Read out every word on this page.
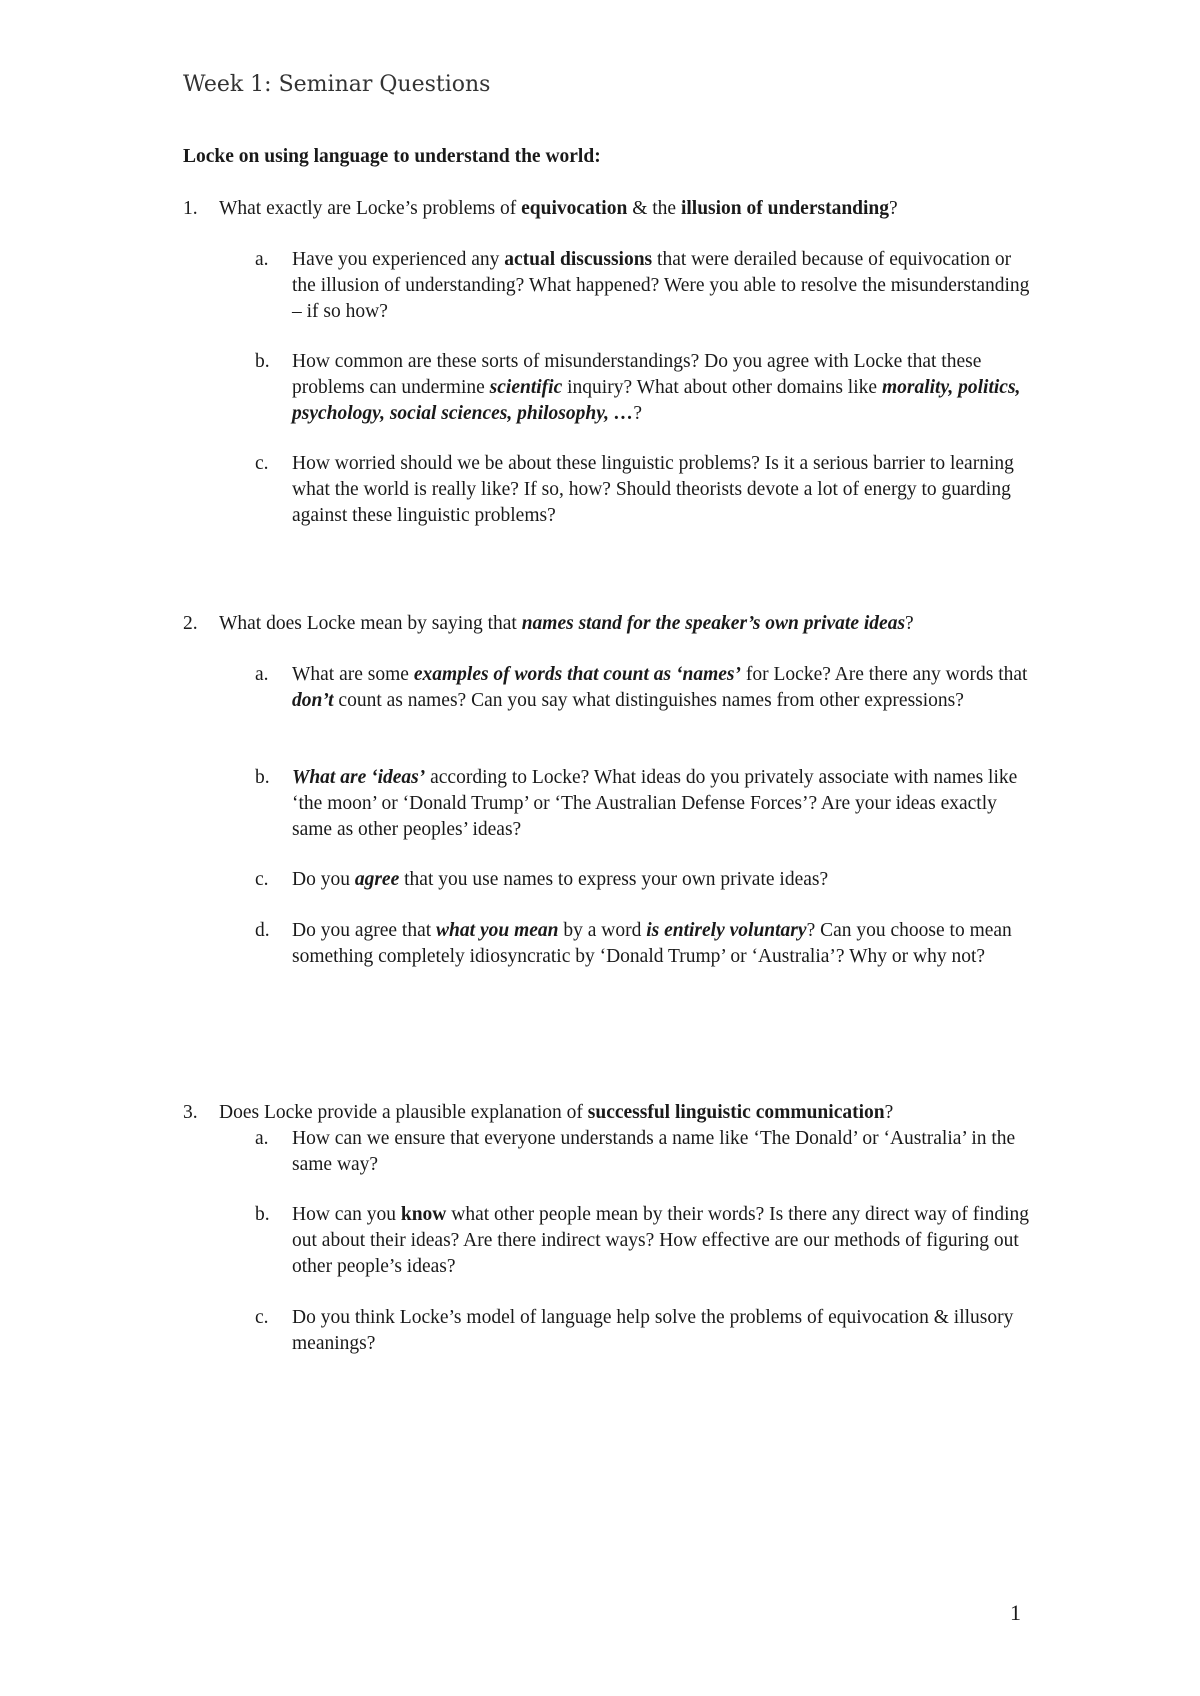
Week 1: Seminar Questions
Locke on using language to understand the world:
1. What exactly are Locke’s problems of equivocation & the illusion of understanding?
a. Have you experienced any actual discussions that were derailed because of equivocation or the illusion of understanding? What happened? Were you able to resolve the misunderstanding – if so how?
b. How common are these sorts of misunderstandings? Do you agree with Locke that these problems can undermine scientific inquiry? What about other domains like morality, politics, psychology, social sciences, philosophy, …?
c. How worried should we be about these linguistic problems? Is it a serious barrier to learning what the world is really like? If so, how? Should theorists devote a lot of energy to guarding against these linguistic problems?
2. What does Locke mean by saying that names stand for the speaker’s own private ideas?
a. What are some examples of words that count as ‘names’ for Locke? Are there any words that don’t count as names? Can you say what distinguishes names from other expressions?
b. What are ‘ideas’ according to Locke? What ideas do you privately associate with names like ‘the moon’ or ‘Donald Trump’ or ‘The Australian Defense Forces’? Are your ideas exactly same as other peoples’ ideas?
c. Do you agree that you use names to express your own private ideas?
d. Do you agree that what you mean by a word is entirely voluntary? Can you choose to mean something completely idiosyncratic by ‘Donald Trump’ or ‘Australia’? Why or why not?
3. Does Locke provide a plausible explanation of successful linguistic communication?
a. How can we ensure that everyone understands a name like ‘The Donald’ or ‘Australia’ in the same way?
b. How can you know what other people mean by their words? Is there any direct way of finding out about their ideas? Are there indirect ways? How effective are our methods of figuring out other people’s ideas?
c. Do you think Locke’s model of language help solve the problems of equivocation & illusory meanings?
1
